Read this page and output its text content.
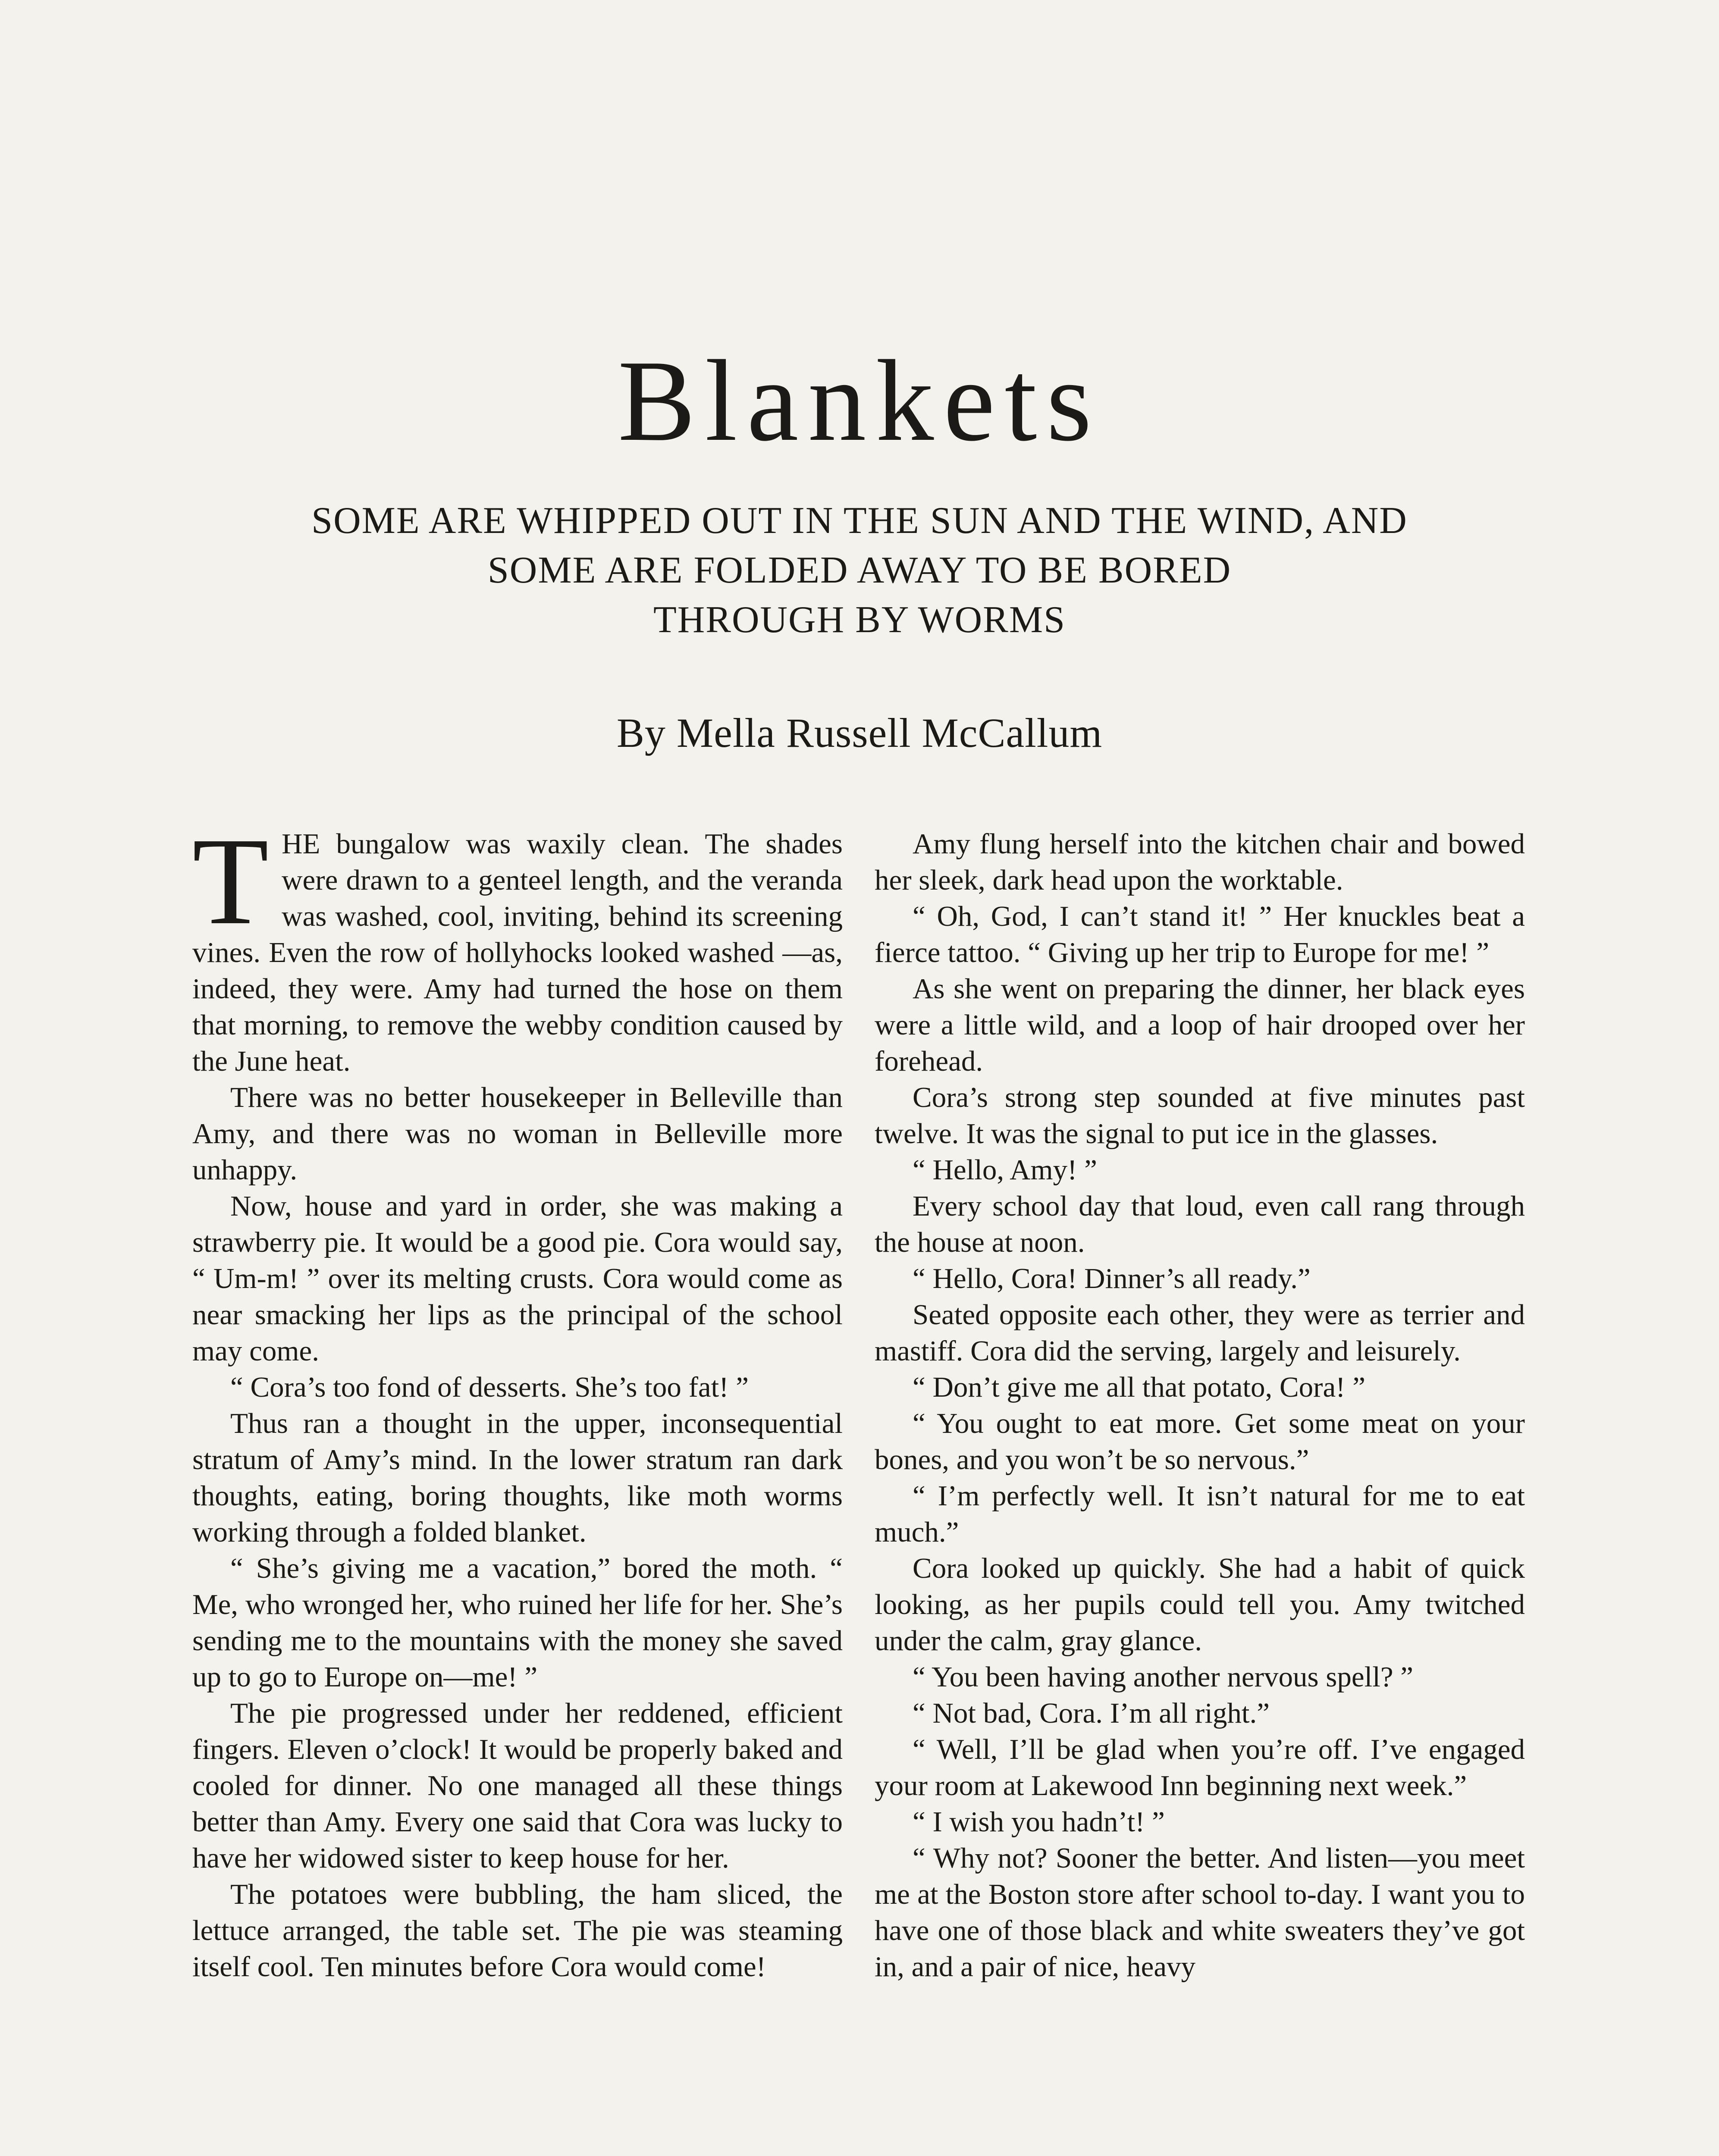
Blankets
SOME ARE WHIPPED OUT IN THE SUN AND THE WIND, AND
SOME ARE FOLDED AWAY TO BE BORED
THROUGH BY WORMS
By Mella Russell McCallum

THE bungalow was waxily clean. The shades were drawn to a genteel length, and the veranda was washed, cool, inviting, behind its screening vines. Even the row of hollyhocks looked washed —as, indeed, they were. Amy had turned the hose on them that morning, to remove the webby condition caused by the June heat.

There was no better housekeeper in Belleville than Amy, and there was no woman in Belleville more unhappy.

Now, house and yard in order, she was making a strawberry pie. It would be a good pie. Cora would say, “ Um-m! ” over its melting crusts. Cora would come as near smacking her lips as the principal of the school may come.

“ Cora’s too fond of desserts. She’s too fat! ”

Thus ran a thought in the upper, inconsequential stratum of Amy’s mind. In the lower stratum ran dark thoughts, eating, boring thoughts, like moth worms working through a folded blanket.

“ She’s giving me a vacation,” bored the moth. “ Me, who wronged her, who ruined her life for her. She’s sending me to the mountains with the money she saved up to go to Europe on—me! ”

The pie progressed under her reddened, efficient fingers. Eleven o’clock! It would be properly baked and cooled for dinner. No one managed all these things better than Amy. Every one said that Cora was lucky to have her widowed sister to keep house for her.

The potatoes were bubbling, the ham sliced, the lettuce arranged, the table set. The pie was steaming itself cool. Ten minutes before Cora would come!

Amy flung herself into the kitchen chair and bowed her sleek, dark head upon the worktable.

“ Oh, God, I can’t stand it! ” Her knuckles beat a fierce tattoo. “ Giving up her trip to Europe for me! ”

As she went on preparing the dinner, her black eyes were a little wild, and a loop of hair drooped over her forehead.

Cora’s strong step sounded at five minutes past twelve. It was the signal to put ice in the glasses.

“ Hello, Amy! ”

Every school day that loud, even call rang through the house at noon.

“ Hello, Cora! Dinner’s all ready.”

Seated opposite each other, they were as terrier and mastiff. Cora did the serving, largely and leisurely.

“ Don’t give me all that potato, Cora! ”

“ You ought to eat more. Get some meat on your bones, and you won’t be so nervous.”

“ I’m perfectly well. It isn’t natural for me to eat much.”

Cora looked up quickly. She had a habit of quick looking, as her pupils could tell you. Amy twitched under the calm, gray glance.

“ You been having another nervous spell? ”

“ Not bad, Cora. I’m all right.”

“ Well, I’ll be glad when you’re off. I’ve engaged your room at Lakewood Inn beginning next week.”

“ I wish you hadn’t! ”

“ Why not? Sooner the better. And listen—you meet me at the Boston store after school to-day. I want you to have one of those black and white sweaters they’ve got in, and a pair of nice, heavy
